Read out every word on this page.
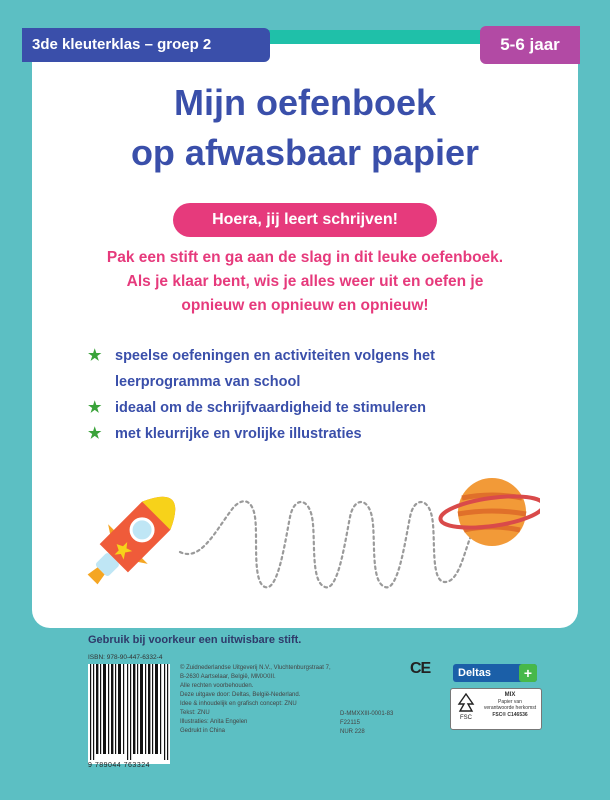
3de kleuterklas – groep 2	5-6 jaar
Mijn oefenboek
op afwasbaar papier
Hoera, jij leert schrijven!
Pak een stift en ga aan de slag in dit leuke oefenboek.
Als je klaar bent, wis je alles weer uit en oefen je
opnieuw en opnieuw en opnieuw!
★ speelse oefeningen en activiteiten volgens het
leerprogramma van school
★ ideaal om de schrijfvaardigheid te stimuleren
★ met kleurrijke en vrolijke illustraties
Gebruik bij voorkeur een uitwisbare stift.
ISBN: 978-90-447-6332-4
9 789044 763324
© Zuidnederlandse Uitgeverij N.V., Vluchtenburgstraat 7,
B-2630 Aartselaar, België, MMXXIII.
Alle rechten voorbehouden.
Deze uitgave door: Deltas, België-Nederland.
Idee & inhoudelijk en grafisch concept: ZNU
Tekst: ZNU
Illustraties: Anita Engelen
Gedrukt in China
D-MMXXIII-0001-83
F22115
NUR 228
CE	Deltas	+
FSC
MIX
Papier van
verantwoorde herkomst
FSC® C146536
